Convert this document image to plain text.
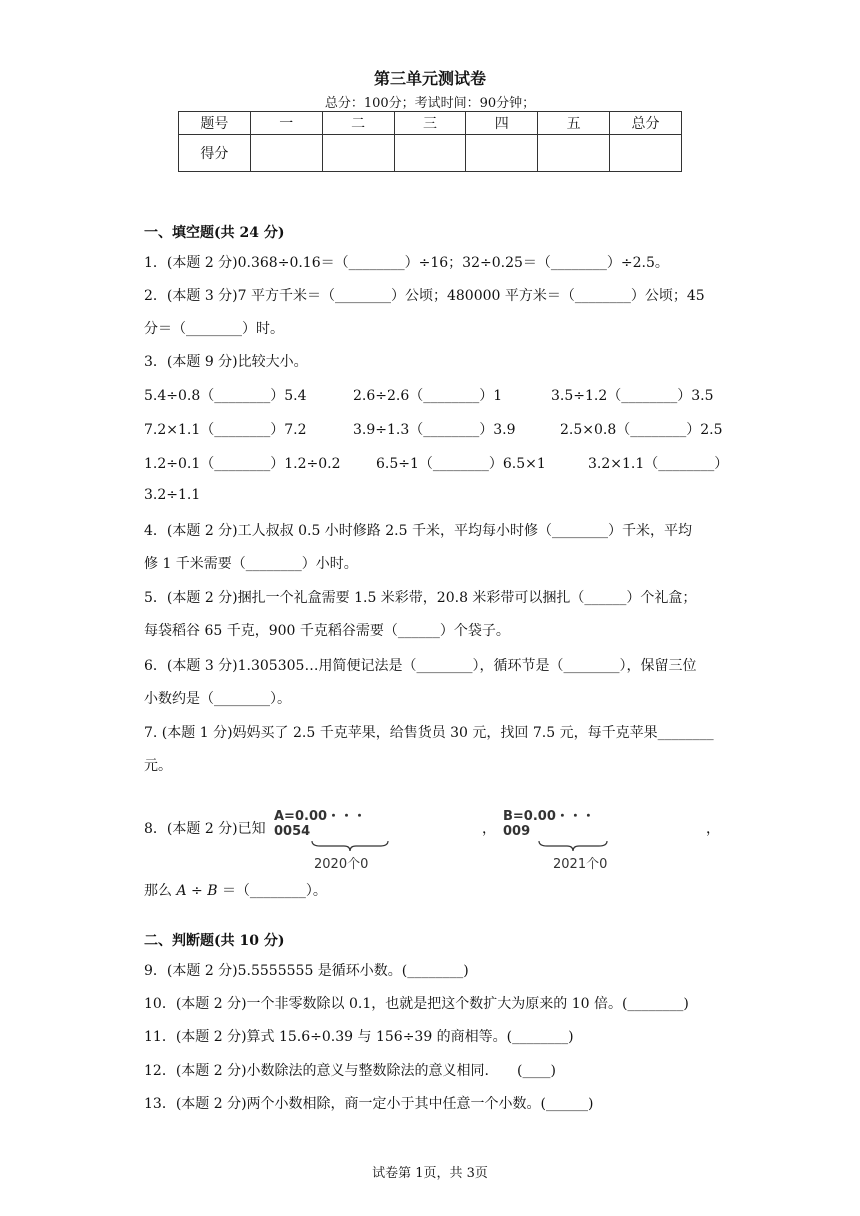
第三单元测试卷
总分：100分；考试时间：90分钟；
题号	一	二	三	四	五	总分
得分						
一、填空题(共 24 分)
1．(本题 2 分)0.368÷0.16＝（________）÷16；32÷0.25＝（________）÷2.5。
2．(本题 3 分)7 平方千米＝（________）公顷；480000 平方米＝（________）公顷；45
分＝（________）时。
3．(本题 9 分)比较大小。
5.4÷0.8（________）5.4	2.6÷2.6（________）1	3.5÷1.2（________）3.5
7.2×1.1（________）7.2	3.9÷1.3（________）3.9	2.5×0.8（________）2.5
1.2÷0.1（________）1.2÷0.2	6.5÷1（________）6.5×1	3.2×1.1（________）
3.2÷1.1
4．(本题 2 分)工人叔叔 0.5 小时修路 2.5 千米，平均每小时修（________）千米，平均
修 1 千米需要（________）小时。
5．(本题 2 分)捆扎一个礼盒需要 1.5 米彩带，20.8 米彩带可以捆扎（______）个礼盒；
每袋稻谷 65 千克，900 千克稻谷需要（______）个袋子。
6．(本题 3 分)1.305305…用简便记法是（________），循环节是（________），保留三位
小数约是（________）。
7. (本题 1 分)妈妈买了 2.5 千克苹果，给售货员 30 元，找回 7.5 元，每千克苹果________
元。
8．(本题 2 分)已知
A=0.00・・・0054
2020个0
，
B=0.00・・・009
2021个0
，
那么 A ÷ B ＝（________）。
二、判断题(共 10 分)
9．(本题 2 分)5.5555555 是循环小数。(________)
10．(本题 2 分)一个非零数除以 0.1，也就是把这个数扩大为原来的 10 倍。(________)
11．(本题 2 分)算式 15.6÷0.39 与 156÷39 的商相等。(________)
12．(本题 2 分)小数除法的意义与整数除法的意义相同.　　(____)
13．(本题 2 分)两个小数相除，商一定小于其中任意一个小数。(______)
试卷第 1页，共 3页
